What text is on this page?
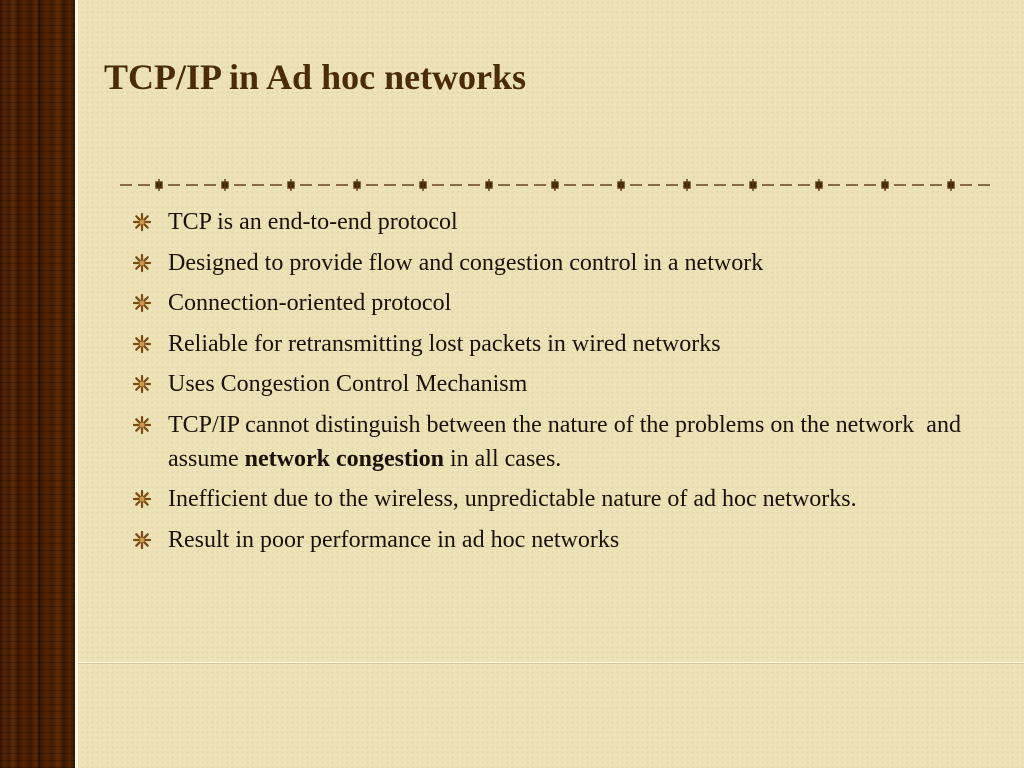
TCP/IP in Ad hoc networks
TCP is an end-to-end protocol
Designed to provide flow and congestion control in a network
Connection-oriented protocol
Reliable for retransmitting lost packets in wired networks
Uses Congestion Control Mechanism
TCP/IP cannot distinguish between the nature of the problems on the network  and assume network congestion in all cases.
Inefficient due to the wireless, unpredictable nature of ad hoc networks.
Result in poor performance in ad hoc networks
